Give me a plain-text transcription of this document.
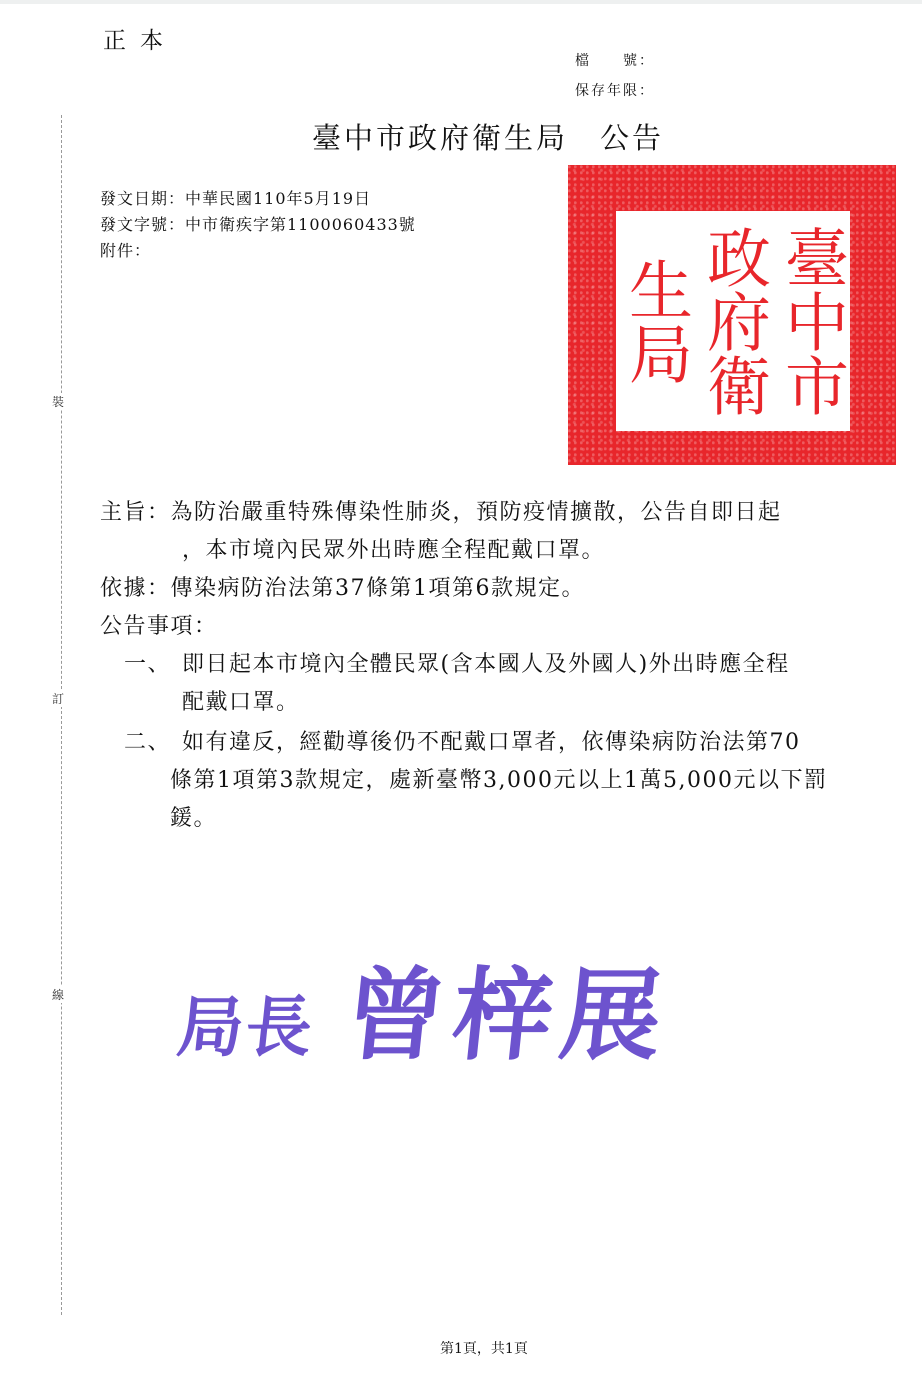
正本
檔　　號：
保存年限：
臺中市政府衛生局　公告
發文日期：中華民國110年5月19日
發文字號：中市衛疾字第1100060433號
附件：
裝
訂
線
臺中市
政府衛
生局
主旨： 為防治嚴重特殊傳染性肺炎，預防疫情擴散，公告自即日起
，本市境內民眾外出時應全程配戴口罩。
依據： 傳染病防治法第37條第1項第6款規定。
公告事項：
一、 即日起本市境內全體民眾(含本國人及外國人)外出時應全程
配戴口罩。
二、 如有違反，經勸導後仍不配戴口罩者，依傳染病防治法第70
條第1項第3款規定，處新臺幣3,000元以上1萬5,000元以下罰
鍰。
局長 曾梓展
第1頁，共1頁
